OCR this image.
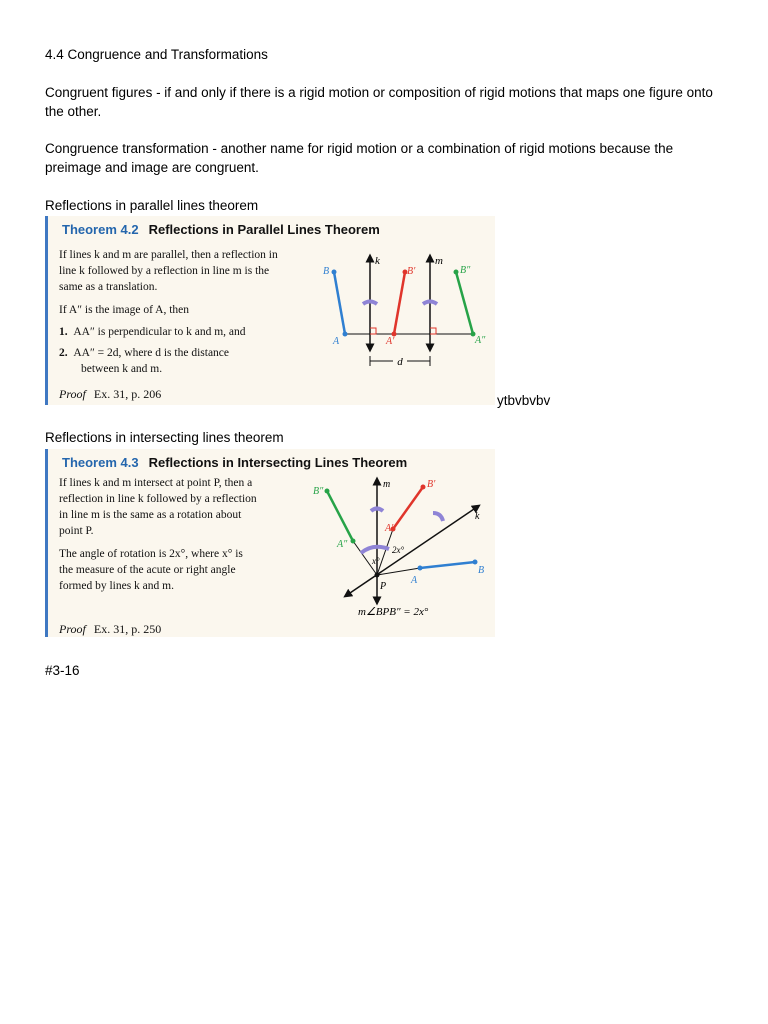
4.4 Congruence and Transformations
Congruent figures - if and only if there is a rigid motion or composition of rigid motions that maps one figure onto the other.
Congruence transformation - another name for rigid motion or a combination of rigid motions because the preimage and image are congruent.
Reflections in parallel lines theorem
Theorem 4.2 Reflections in Parallel Lines Theorem
If lines k and m are parallel, then a reflection in
line k followed by a reflection in line m is the
same as a translation.
If A″ is the image of A, then
1. AA″ is perpendicular to k and m, and
2. AA″ = 2d, where d is the distance
between k and m.
Proof Ex. 31, p. 206
d
k	m
B
A
B′
A′
B″
A″
ytbvbvbv
Reflections in intersecting lines theorem
Theorem 4.3 Reflections in Intersecting Lines Theorem
If lines k and m intersect at point P, then a
reflection in line k followed by a reflection
in line m is the same as a rotation about
point P.
The angle of rotation is 2x°, where x° is
the measure of the acute or right angle
formed by lines k and m.
Proof Ex. 31, p. 250
m
k
P
A
B
A′
B′
A″
B″
x°
2x°
m∠BPB″ = 2x°
#3-16
